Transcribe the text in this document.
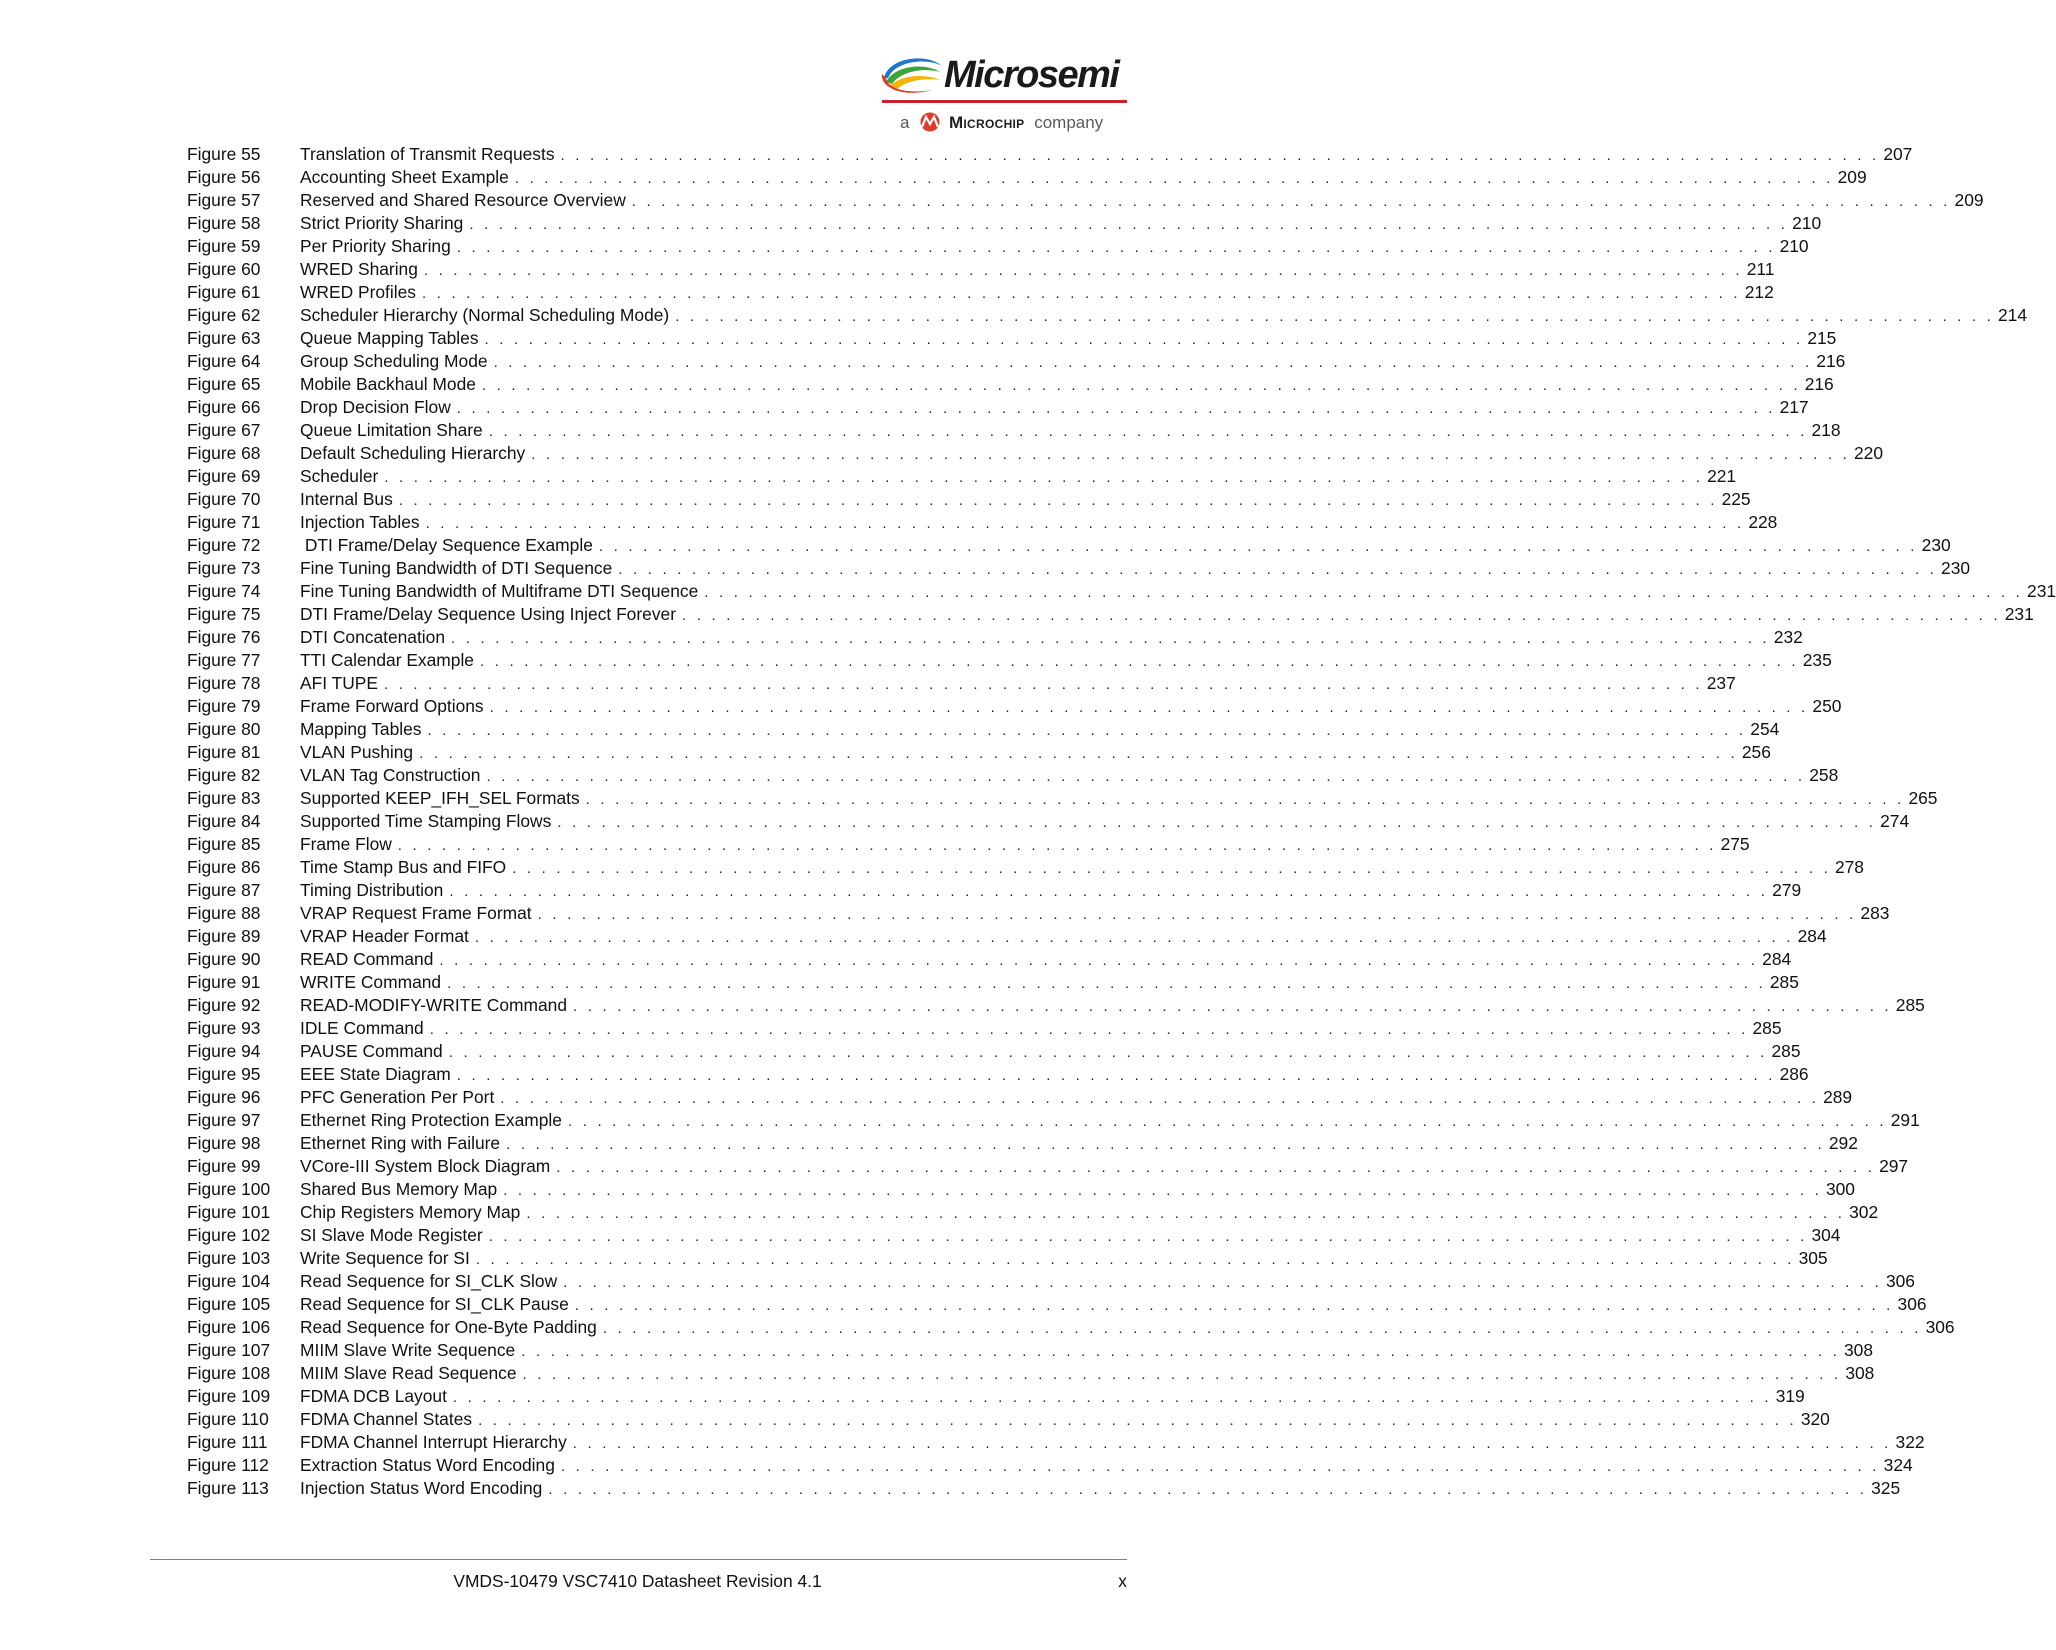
Microsemi
a Microchip company
Figure 55	Translation of Transmit Requests . . . . . . . . . . . . . . . . . . . . . . . . . . . . . . . . . . . . . . . . . . . . . . . . . . . . . . . . . . . . . . . . . . . . . . . . . . . . . . . . . . . . . . . . . . 207
Figure 56	Accounting Sheet Example . . . . . . . . . . . . . . . . . . . . . . . . . . . . . . . . . . . . . . . . . . . . . . . . . . . . . . . . . . . . . . . . . . . . . . . . . . . . . . . . . . . . . . . . . . 209
Figure 57	Reserved and Shared Resource Overview . . . . . . . . . . . . . . . . . . . . . . . . . . . . . . . . . . . . . . . . . . . . . . . . . . . . . . . . . . . . . . . . . . . . . . . . . . . . . . . . . . . . . . . . . . 209
Figure 58	Strict Priority Sharing . . . . . . . . . . . . . . . . . . . . . . . . . . . . . . . . . . . . . . . . . . . . . . . . . . . . . . . . . . . . . . . . . . . . . . . . . . . . . . . . . . . . . . . . . . 210
Figure 59	Per Priority Sharing . . . . . . . . . . . . . . . . . . . . . . . . . . . . . . . . . . . . . . . . . . . . . . . . . . . . . . . . . . . . . . . . . . . . . . . . . . . . . . . . . . . . . . . . . . 210
Figure 60	WRED Sharing . . . . . . . . . . . . . . . . . . . . . . . . . . . . . . . . . . . . . . . . . . . . . . . . . . . . . . . . . . . . . . . . . . . . . . . . . . . . . . . . . . . . . . . . . . 211
Figure 61	WRED Profiles . . . . . . . . . . . . . . . . . . . . . . . . . . . . . . . . . . . . . . . . . . . . . . . . . . . . . . . . . . . . . . . . . . . . . . . . . . . . . . . . . . . . . . . . . . 212
Figure 62	Scheduler Hierarchy (Normal Scheduling Mode) . . . . . . . . . . . . . . . . . . . . . . . . . . . . . . . . . . . . . . . . . . . . . . . . . . . . . . . . . . . . . . . . . . . . . . . . . . . . . . . . . . . . . . . . . . 214
Figure 63	Queue Mapping Tables . . . . . . . . . . . . . . . . . . . . . . . . . . . . . . . . . . . . . . . . . . . . . . . . . . . . . . . . . . . . . . . . . . . . . . . . . . . . . . . . . . . . . . . . . . 215
Figure 64	Group Scheduling Mode . . . . . . . . . . . . . . . . . . . . . . . . . . . . . . . . . . . . . . . . . . . . . . . . . . . . . . . . . . . . . . . . . . . . . . . . . . . . . . . . . . . . . . . . . . 216
Figure 65	Mobile Backhaul Mode . . . . . . . . . . . . . . . . . . . . . . . . . . . . . . . . . . . . . . . . . . . . . . . . . . . . . . . . . . . . . . . . . . . . . . . . . . . . . . . . . . . . . . . . . . 216
Figure 66	Drop Decision Flow . . . . . . . . . . . . . . . . . . . . . . . . . . . . . . . . . . . . . . . . . . . . . . . . . . . . . . . . . . . . . . . . . . . . . . . . . . . . . . . . . . . . . . . . . . 217
Figure 67	Queue Limitation Share . . . . . . . . . . . . . . . . . . . . . . . . . . . . . . . . . . . . . . . . . . . . . . . . . . . . . . . . . . . . . . . . . . . . . . . . . . . . . . . . . . . . . . . . . . 218
Figure 68	Default Scheduling Hierarchy . . . . . . . . . . . . . . . . . . . . . . . . . . . . . . . . . . . . . . . . . . . . . . . . . . . . . . . . . . . . . . . . . . . . . . . . . . . . . . . . . . . . . . . . . . 220
Figure 69	Scheduler . . . . . . . . . . . . . . . . . . . . . . . . . . . . . . . . . . . . . . . . . . . . . . . . . . . . . . . . . . . . . . . . . . . . . . . . . . . . . . . . . . . . . . . . . . 221
Figure 70	Internal Bus . . . . . . . . . . . . . . . . . . . . . . . . . . . . . . . . . . . . . . . . . . . . . . . . . . . . . . . . . . . . . . . . . . . . . . . . . . . . . . . . . . . . . . . . . . 225
Figure 71	Injection Tables . . . . . . . . . . . . . . . . . . . . . . . . . . . . . . . . . . . . . . . . . . . . . . . . . . . . . . . . . . . . . . . . . . . . . . . . . . . . . . . . . . . . . . . . . . 228
Figure 72	DTI Frame/Delay Sequence Example . . . . . . . . . . . . . . . . . . . . . . . . . . . . . . . . . . . . . . . . . . . . . . . . . . . . . . . . . . . . . . . . . . . . . . . . . . . . . . . . . . . . . . . . . . 230
Figure 73	Fine Tuning Bandwidth of DTI Sequence . . . . . . . . . . . . . . . . . . . . . . . . . . . . . . . . . . . . . . . . . . . . . . . . . . . . . . . . . . . . . . . . . . . . . . . . . . . . . . . . . . . . . . . . . . 230
Figure 74	Fine Tuning Bandwidth of Multiframe DTI Sequence . . . . . . . . . . . . . . . . . . . . . . . . . . . . . . . . . . . . . . . . . . . . . . . . . . . . . . . . . . . . . . . . . . . . . . . . . . . . . . . . . . . . . . . . . . 231
Figure 75	DTI Frame/Delay Sequence Using Inject Forever . . . . . . . . . . . . . . . . . . . . . . . . . . . . . . . . . . . . . . . . . . . . . . . . . . . . . . . . . . . . . . . . . . . . . . . . . . . . . . . . . . . . . . . . . . 231
Figure 76	DTI Concatenation . . . . . . . . . . . . . . . . . . . . . . . . . . . . . . . . . . . . . . . . . . . . . . . . . . . . . . . . . . . . . . . . . . . . . . . . . . . . . . . . . . . . . . . . . . 232
Figure 77	TTI Calendar Example . . . . . . . . . . . . . . . . . . . . . . . . . . . . . . . . . . . . . . . . . . . . . . . . . . . . . . . . . . . . . . . . . . . . . . . . . . . . . . . . . . . . . . . . . . 235
Figure 78	AFI TUPE . . . . . . . . . . . . . . . . . . . . . . . . . . . . . . . . . . . . . . . . . . . . . . . . . . . . . . . . . . . . . . . . . . . . . . . . . . . . . . . . . . . . . . . . . . 237
Figure 79	Frame Forward Options . . . . . . . . . . . . . . . . . . . . . . . . . . . . . . . . . . . . . . . . . . . . . . . . . . . . . . . . . . . . . . . . . . . . . . . . . . . . . . . . . . . . . . . . . . 250
Figure 80	Mapping Tables . . . . . . . . . . . . . . . . . . . . . . . . . . . . . . . . . . . . . . . . . . . . . . . . . . . . . . . . . . . . . . . . . . . . . . . . . . . . . . . . . . . . . . . . . . 254
Figure 81	VLAN Pushing . . . . . . . . . . . . . . . . . . . . . . . . . . . . . . . . . . . . . . . . . . . . . . . . . . . . . . . . . . . . . . . . . . . . . . . . . . . . . . . . . . . . . . . . . . 256
Figure 82	VLAN Tag Construction . . . . . . . . . . . . . . . . . . . . . . . . . . . . . . . . . . . . . . . . . . . . . . . . . . . . . . . . . . . . . . . . . . . . . . . . . . . . . . . . . . . . . . . . . . 258
Figure 83	Supported KEEP_IFH_SEL Formats . . . . . . . . . . . . . . . . . . . . . . . . . . . . . . . . . . . . . . . . . . . . . . . . . . . . . . . . . . . . . . . . . . . . . . . . . . . . . . . . . . . . . . . . . . 265
Figure 84	Supported Time Stamping Flows . . . . . . . . . . . . . . . . . . . . . . . . . . . . . . . . . . . . . . . . . . . . . . . . . . . . . . . . . . . . . . . . . . . . . . . . . . . . . . . . . . . . . . . . . . 274
Figure 85	Frame Flow . . . . . . . . . . . . . . . . . . . . . . . . . . . . . . . . . . . . . . . . . . . . . . . . . . . . . . . . . . . . . . . . . . . . . . . . . . . . . . . . . . . . . . . . . . 275
Figure 86	Time Stamp Bus and FIFO . . . . . . . . . . . . . . . . . . . . . . . . . . . . . . . . . . . . . . . . . . . . . . . . . . . . . . . . . . . . . . . . . . . . . . . . . . . . . . . . . . . . . . . . . . 278
Figure 87	Timing Distribution . . . . . . . . . . . . . . . . . . . . . . . . . . . . . . . . . . . . . . . . . . . . . . . . . . . . . . . . . . . . . . . . . . . . . . . . . . . . . . . . . . . . . . . . . . 279
Figure 88	VRAP Request Frame Format . . . . . . . . . . . . . . . . . . . . . . . . . . . . . . . . . . . . . . . . . . . . . . . . . . . . . . . . . . . . . . . . . . . . . . . . . . . . . . . . . . . . . . . . . . 283
Figure 89	VRAP Header Format . . . . . . . . . . . . . . . . . . . . . . . . . . . . . . . . . . . . . . . . . . . . . . . . . . . . . . . . . . . . . . . . . . . . . . . . . . . . . . . . . . . . . . . . . . 284
Figure 90	READ Command . . . . . . . . . . . . . . . . . . . . . . . . . . . . . . . . . . . . . . . . . . . . . . . . . . . . . . . . . . . . . . . . . . . . . . . . . . . . . . . . . . . . . . . . . . 284
Figure 91	WRITE Command . . . . . . . . . . . . . . . . . . . . . . . . . . . . . . . . . . . . . . . . . . . . . . . . . . . . . . . . . . . . . . . . . . . . . . . . . . . . . . . . . . . . . . . . . . 285
Figure 92	READ-MODIFY-WRITE Command . . . . . . . . . . . . . . . . . . . . . . . . . . . . . . . . . . . . . . . . . . . . . . . . . . . . . . . . . . . . . . . . . . . . . . . . . . . . . . . . . . . . . . . . . . 285
Figure 93	IDLE Command . . . . . . . . . . . . . . . . . . . . . . . . . . . . . . . . . . . . . . . . . . . . . . . . . . . . . . . . . . . . . . . . . . . . . . . . . . . . . . . . . . . . . . . . . . 285
Figure 94	PAUSE Command . . . . . . . . . . . . . . . . . . . . . . . . . . . . . . . . . . . . . . . . . . . . . . . . . . . . . . . . . . . . . . . . . . . . . . . . . . . . . . . . . . . . . . . . . . 285
Figure 95	EEE State Diagram . . . . . . . . . . . . . . . . . . . . . . . . . . . . . . . . . . . . . . . . . . . . . . . . . . . . . . . . . . . . . . . . . . . . . . . . . . . . . . . . . . . . . . . . . . 286
Figure 96	PFC Generation Per Port . . . . . . . . . . . . . . . . . . . . . . . . . . . . . . . . . . . . . . . . . . . . . . . . . . . . . . . . . . . . . . . . . . . . . . . . . . . . . . . . . . . . . . . . . . 289
Figure 97	Ethernet Ring Protection Example . . . . . . . . . . . . . . . . . . . . . . . . . . . . . . . . . . . . . . . . . . . . . . . . . . . . . . . . . . . . . . . . . . . . . . . . . . . . . . . . . . . . . . . . . . 291
Figure 98	Ethernet Ring with Failure . . . . . . . . . . . . . . . . . . . . . . . . . . . . . . . . . . . . . . . . . . . . . . . . . . . . . . . . . . . . . . . . . . . . . . . . . . . . . . . . . . . . . . . . . . 292
Figure 99	VCore-III System Block Diagram . . . . . . . . . . . . . . . . . . . . . . . . . . . . . . . . . . . . . . . . . . . . . . . . . . . . . . . . . . . . . . . . . . . . . . . . . . . . . . . . . . . . . . . . . . 297
Figure 100	Shared Bus Memory Map . . . . . . . . . . . . . . . . . . . . . . . . . . . . . . . . . . . . . . . . . . . . . . . . . . . . . . . . . . . . . . . . . . . . . . . . . . . . . . . . . . . . . . . . . . 300
Figure 101	Chip Registers Memory Map . . . . . . . . . . . . . . . . . . . . . . . . . . . . . . . . . . . . . . . . . . . . . . . . . . . . . . . . . . . . . . . . . . . . . . . . . . . . . . . . . . . . . . . . . . 302
Figure 102	SI Slave Mode Register . . . . . . . . . . . . . . . . . . . . . . . . . . . . . . . . . . . . . . . . . . . . . . . . . . . . . . . . . . . . . . . . . . . . . . . . . . . . . . . . . . . . . . . . . . 304
Figure 103	Write Sequence for SI . . . . . . . . . . . . . . . . . . . . . . . . . . . . . . . . . . . . . . . . . . . . . . . . . . . . . . . . . . . . . . . . . . . . . . . . . . . . . . . . . . . . . . . . . . 305
Figure 104	Read Sequence for SI_CLK Slow . . . . . . . . . . . . . . . . . . . . . . . . . . . . . . . . . . . . . . . . . . . . . . . . . . . . . . . . . . . . . . . . . . . . . . . . . . . . . . . . . . . . . . . . . . 306
Figure 105	Read Sequence for SI_CLK Pause . . . . . . . . . . . . . . . . . . . . . . . . . . . . . . . . . . . . . . . . . . . . . . . . . . . . . . . . . . . . . . . . . . . . . . . . . . . . . . . . . . . . . . . . . . 306
Figure 106	Read Sequence for One-Byte Padding . . . . . . . . . . . . . . . . . . . . . . . . . . . . . . . . . . . . . . . . . . . . . . . . . . . . . . . . . . . . . . . . . . . . . . . . . . . . . . . . . . . . . . . . . . 306
Figure 107	MIIM Slave Write Sequence . . . . . . . . . . . . . . . . . . . . . . . . . . . . . . . . . . . . . . . . . . . . . . . . . . . . . . . . . . . . . . . . . . . . . . . . . . . . . . . . . . . . . . . . . . 308
Figure 108	MIIM Slave Read Sequence . . . . . . . . . . . . . . . . . . . . . . . . . . . . . . . . . . . . . . . . . . . . . . . . . . . . . . . . . . . . . . . . . . . . . . . . . . . . . . . . . . . . . . . . . . 308
Figure 109	FDMA DCB Layout . . . . . . . . . . . . . . . . . . . . . . . . . . . . . . . . . . . . . . . . . . . . . . . . . . . . . . . . . . . . . . . . . . . . . . . . . . . . . . . . . . . . . . . . . . 319
Figure 110	FDMA Channel States . . . . . . . . . . . . . . . . . . . . . . . . . . . . . . . . . . . . . . . . . . . . . . . . . . . . . . . . . . . . . . . . . . . . . . . . . . . . . . . . . . . . . . . . . . 320
Figure 111	FDMA Channel Interrupt Hierarchy . . . . . . . . . . . . . . . . . . . . . . . . . . . . . . . . . . . . . . . . . . . . . . . . . . . . . . . . . . . . . . . . . . . . . . . . . . . . . . . . . . . . . . . . . . 322
Figure 112	Extraction Status Word Encoding . . . . . . . . . . . . . . . . . . . . . . . . . . . . . . . . . . . . . . . . . . . . . . . . . . . . . . . . . . . . . . . . . . . . . . . . . . . . . . . . . . . . . . . . . . 324
Figure 113	Injection Status Word Encoding . . . . . . . . . . . . . . . . . . . . . . . . . . . . . . . . . . . . . . . . . . . . . . . . . . . . . . . . . . . . . . . . . . . . . . . . . . . . . . . . . . . . . . . . . . 325
VMDS-10479 VSC7410 Datasheet Revision 4.1	x
